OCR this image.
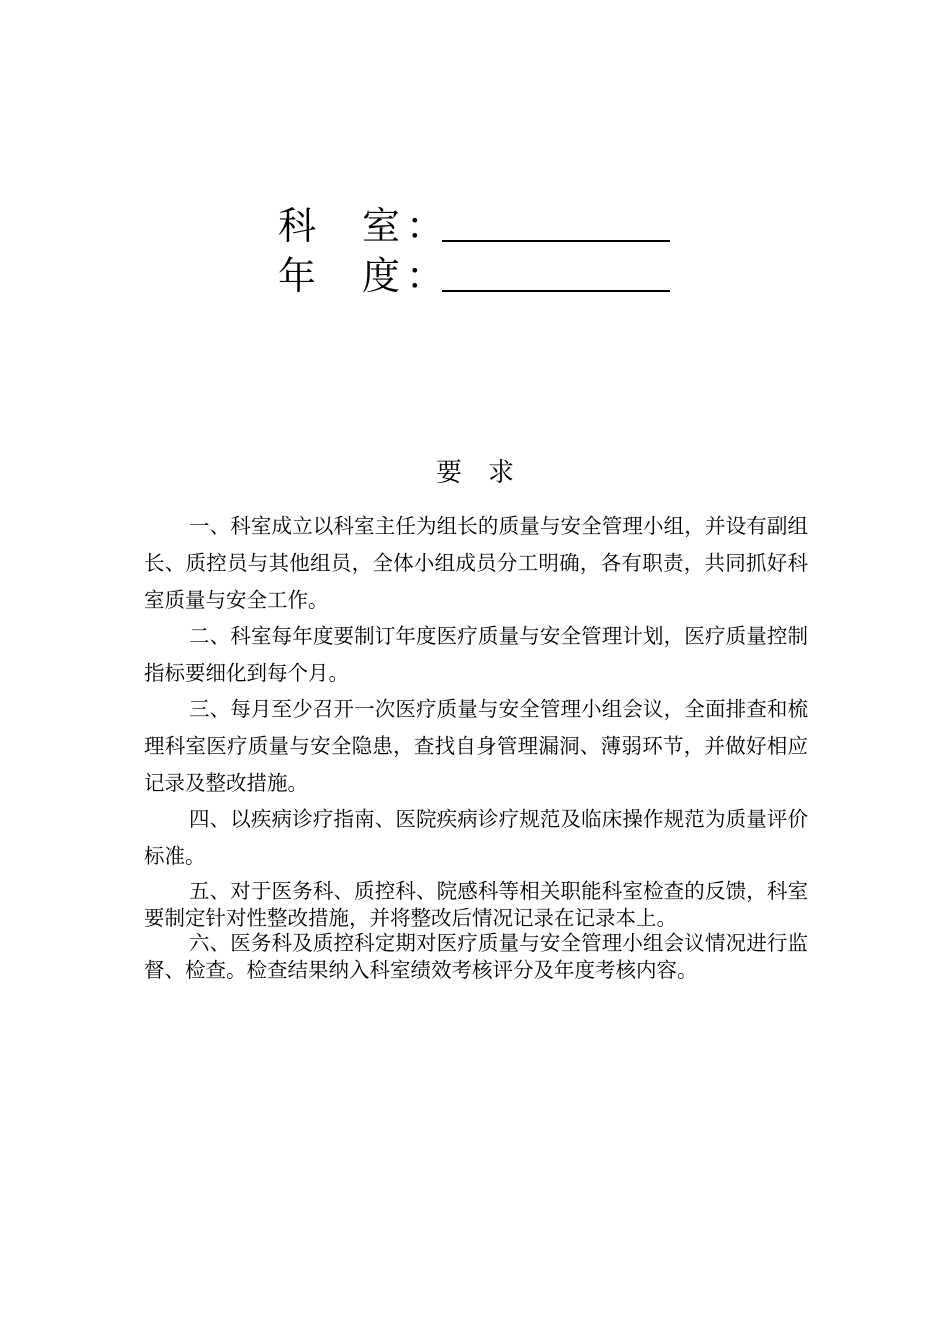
科	室 ：
年	度 ：
要求

一、科室成立以科室主任为组长的质量与安全管理小组，并设有副组长、质控员与其他组员，全体小组成员分工明确，各有职责，共同抓好科室质量与安全工作。

二、科室每年度要制订年度医疗质量与安全管理计划，医疗质量控制指标要细化到每个月。

三、每月至少召开一次医疗质量与安全管理小组会议，全面排查和梳理科室医疗质量与安全隐患，查找自身管理漏洞、薄弱环节，并做好相应记录及整改措施。

四、以疾病诊疗指南、医院疾病诊疗规范及临床操作规范为质量评价标准。

五、对于医务科、质控科、院感科等相关职能科室检查的反馈，科室要制定针对性整改措施，并将整改后情况记录在记录本上。

六、医务科及质控科定期对医疗质量与安全管理小组会议情况进行监督、检查。检查结果纳入科室绩效考核评分及年度考核内容。
